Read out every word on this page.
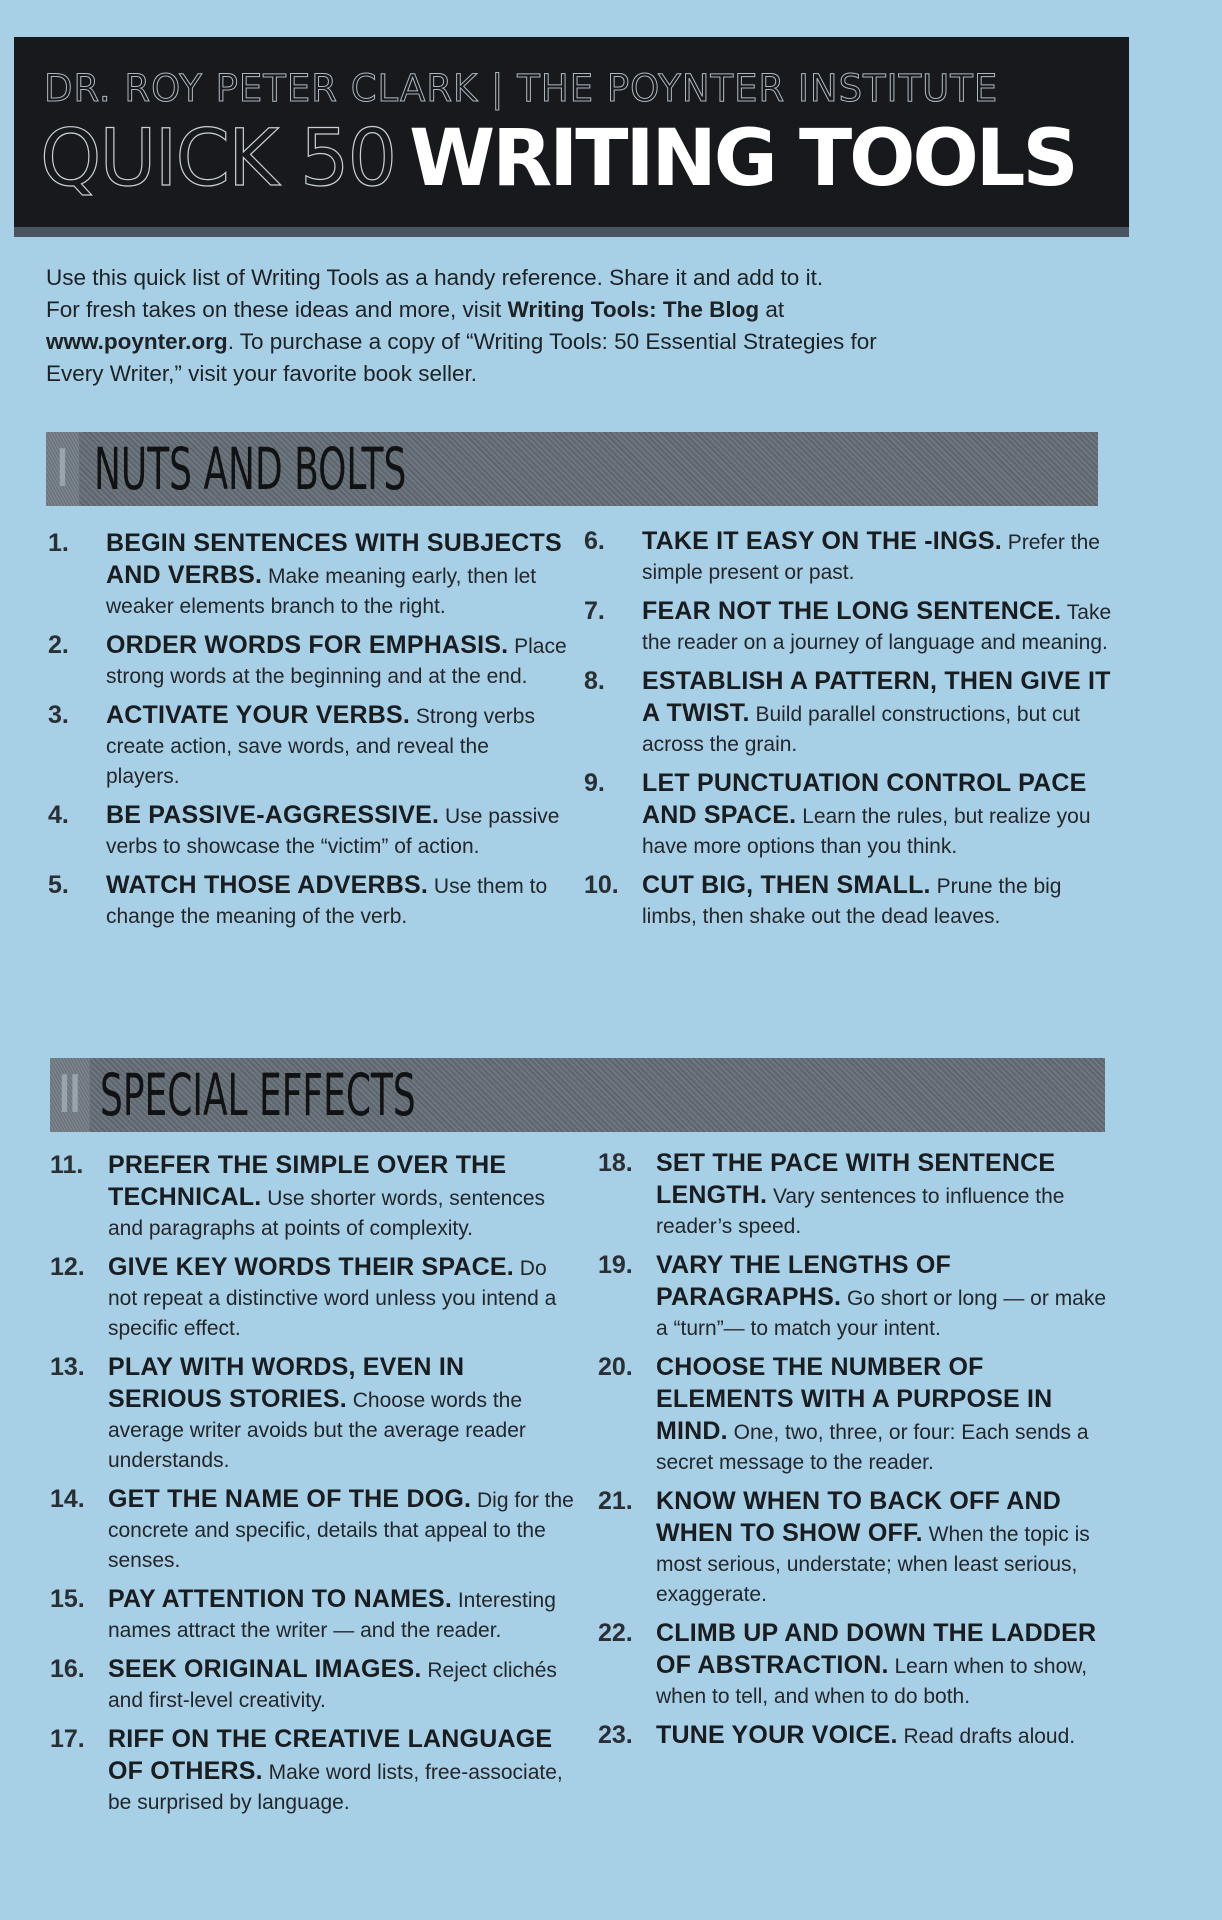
DR. ROY PETER CLARK | THE POYNTER INSTITUTE
QUICK 50 WRITING TOOLS
Use this quick list of Writing Tools as a handy reference. Share it and add to it.
For fresh takes on these ideas and more, visit Writing Tools: The Blog at
www.poynter.org. To purchase a copy of “Writing Tools: 50 Essential Strategies for
Every Writer,” visit your favorite book seller.
I NUTS AND BOLTS
1. BEGIN SENTENCES WITH SUBJECTS AND VERBS. Make meaning early, then let weaker elements branch to the right.
2. ORDER WORDS FOR EMPHASIS. Place strong words at the beginning and at the end.
3. ACTIVATE YOUR VERBS. Strong verbs create action, save words, and reveal the players.
4. BE PASSIVE-AGGRESSIVE. Use passive verbs to showcase the “victim” of action.
5. WATCH THOSE ADVERBS. Use them to change the meaning of the verb.
6. TAKE IT EASY ON THE -INGS. Prefer the simple present or past.
7. FEAR NOT THE LONG SENTENCE. Take the reader on a journey of language and meaning.
8. ESTABLISH A PATTERN, THEN GIVE IT A TWIST. Build parallel constructions, but cut across the grain.
9. LET PUNCTUATION CONTROL PACE AND SPACE. Learn the rules, but realize you have more options than you think.
10. CUT BIG, THEN SMALL. Prune the big limbs, then shake out the dead leaves.
II SPECIAL EFFECTS
11. PREFER THE SIMPLE OVER THE TECHNICAL. Use shorter words, sentences and paragraphs at points of complexity.
12. GIVE KEY WORDS THEIR SPACE. Do not repeat a distinctive word unless you intend a specific effect.
13. PLAY WITH WORDS, EVEN IN SERIOUS STORIES. Choose words the average writer avoids but the average reader understands.
14. GET THE NAME OF THE DOG. Dig for the concrete and specific, details that appeal to the senses.
15. PAY ATTENTION TO NAMES. Interesting names attract the writer — and the reader.
16. SEEK ORIGINAL IMAGES. Reject clichés and first-level creativity.
17. RIFF ON THE CREATIVE LANGUAGE OF OTHERS. Make word lists, free-associate, be surprised by language.
18. SET THE PACE WITH SENTENCE LENGTH. Vary sentences to influence the reader’s speed.
19. VARY THE LENGTHS OF PARAGRAPHS. Go short or long — or make a “turn”— to match your intent.
20. CHOOSE THE NUMBER OF ELEMENTS WITH A PURPOSE IN MIND. One, two, three, or four: Each sends a secret message to the reader.
21. KNOW WHEN TO BACK OFF AND WHEN TO SHOW OFF. When the topic is most serious, understate; when least serious, exaggerate.
22. CLIMB UP AND DOWN THE LADDER OF ABSTRACTION. Learn when to show, when to tell, and when to do both.
23. TUNE YOUR VOICE. Read drafts aloud.
